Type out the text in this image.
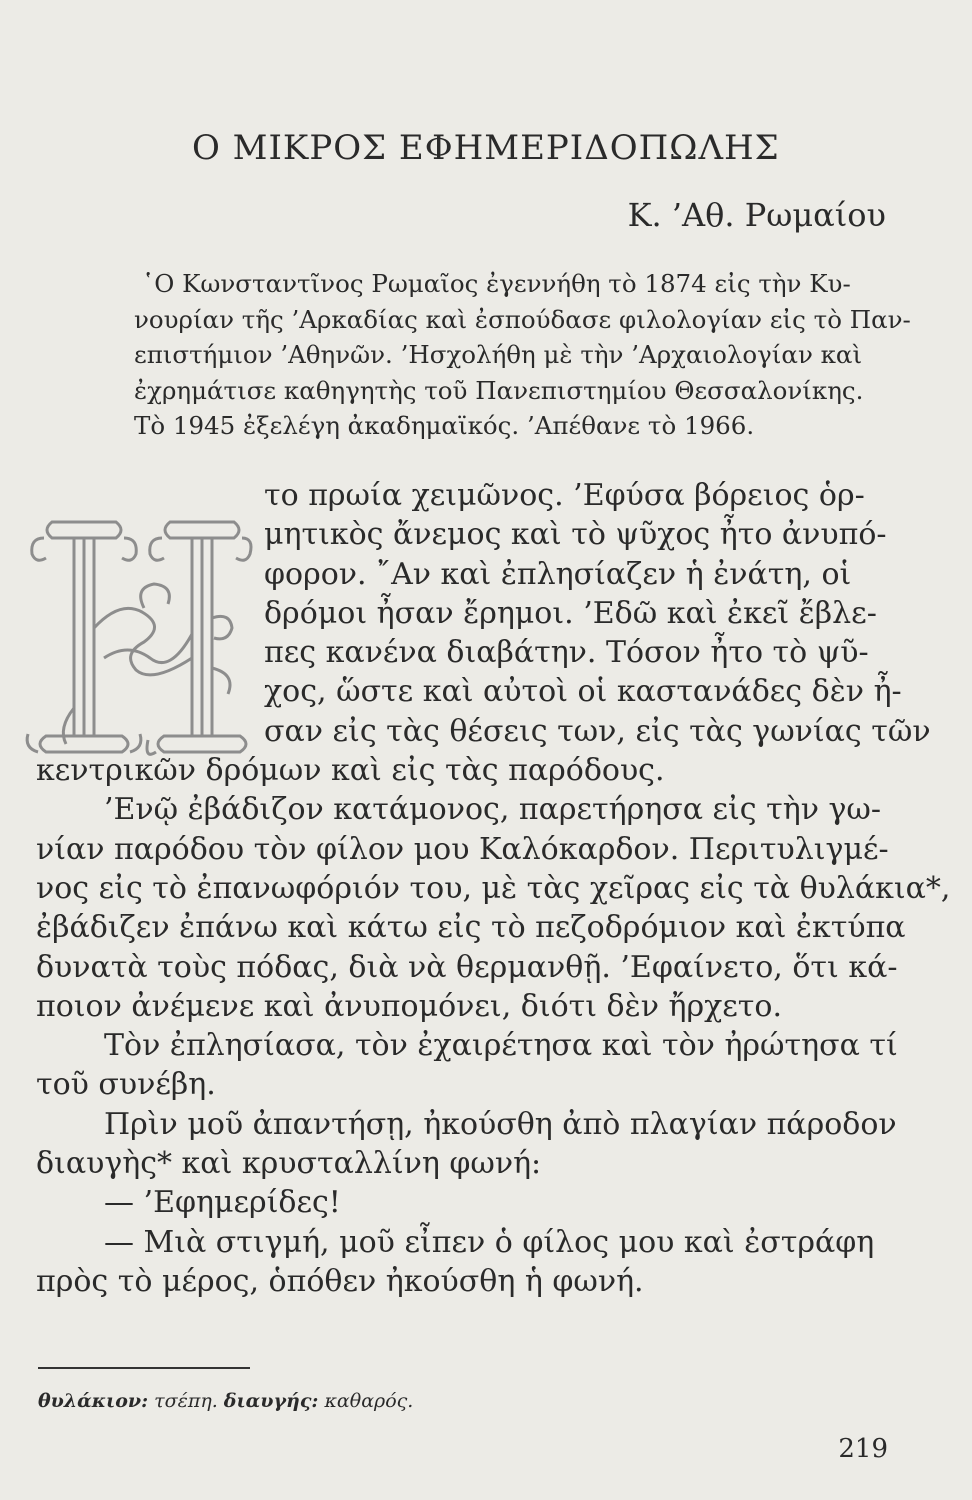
Ο ΜΙΚΡΟΣ ΕΦΗΜΕΡΙΔΟΠΩΛΗΣ
Κ. ’Αθ. Ρωμαίου
῾Ο Κωνσταντῖνος Ρωμαῖος ἐγεννήθη τὸ 1874 εἰς τὴν Κυ-
νουρίαν τῆς ’Αρκαδίας καὶ ἐσπούδασε φιλολογίαν εἰς τὸ Παν-
επιστήμιον ’Αθηνῶν. ’Ησχολήθη μὲ τὴν ’Αρχαιολογίαν καὶ
ἐχρημάτισε καθηγητὴς τοῦ Πανεπιστημίου Θεσσαλονίκης.
Τὸ 1945 ἐξελέγη ἀκαδημαϊκός. ’Απέθανε τὸ 1966.
το πρωία χειμῶνος. ’Εφύσα βόρειος ὁρ-
μητικὸς ἄνεμος καὶ τὸ ψῦχος ἦτο ἀνυπό-
φορον. ῎Αν καὶ ἐπλησίαζεν ἡ ἐνάτη, οἱ
δρόμοι ἦσαν ἔρημοι. ’Εδῶ καὶ ἐκεῖ ἔβλε-
πες κανένα διαβάτην. Τόσον ἦτο τὸ ψῦ-
χος, ὥστε καὶ αὐτοὶ οἱ καστανάδες δὲν ἦ-
σαν εἰς τὰς θέσεις των, εἰς τὰς γωνίας τῶν
κεντρικῶν δρόμων καὶ εἰς τὰς παρόδους.
’Ενῷ ἐβάδιζον κατάμονος, παρετήρησα εἰς τὴν γω-
νίαν παρόδου τὸν φίλον μου Καλόκαρδον. Περιτυλιγμέ-
νος εἰς τὸ ἐπανωφόριόν του, μὲ τὰς χεῖρας εἰς τὰ θυλάκια*,
ἐβάδιζεν ἐπάνω καὶ κάτω εἰς τὸ πεζοδρόμιον καὶ ἐκτύπα
δυνατὰ τοὺς πόδας, διὰ νὰ θερμανθῇ. ’Εφαίνετο, ὅτι κά-
ποιον ἀνέμενε καὶ ἀνυπομόνει, διότι δὲν ἤρχετο.
Τὸν ἐπλησίασα, τὸν ἐχαιρέτησα καὶ τὸν ἠρώτησα τί
τοῦ συνέβη.
Πρὶν μοῦ ἀπαντήσῃ, ἠκούσθη ἀπὸ πλαγίαν πάροδον
διαυγὴς* καὶ κρυσταλλίνη φωνή:
— ’Εφημερίδες!
— Μιὰ στιγμή, μοῦ εἶπεν ὁ φίλος μου καὶ ἐστράφη
πρὸς τὸ μέρος, ὁπόθεν ἠκούσθη ἡ φωνή.
θυλάκιον: τσέπη. διαυγής: καθαρός.
219
